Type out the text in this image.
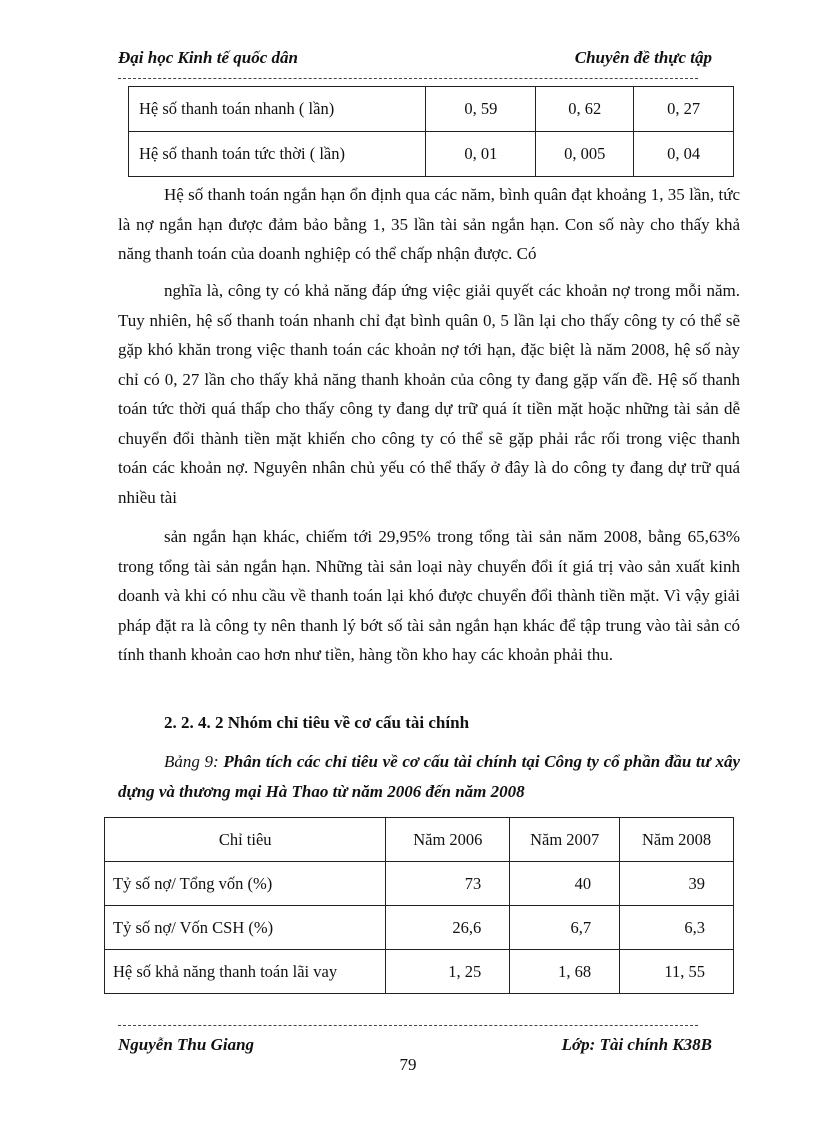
Đại học Kinh tế quốc dân	Chuyên đề thực tập
Hệ số thanh toán nhanh ( lần)	0, 59	0, 62	0, 27
Hệ số thanh toán tức thời ( lần)	0, 01	0, 005	0, 04

Hệ số thanh toán ngắn hạn ổn định qua các năm, bình quân đạt khoảng 1, 35 lần, tức là nợ ngắn hạn được đảm bảo bằng 1, 35 lần tài sản ngắn hạn. Con số này cho thấy khả năng thanh toán của doanh nghiệp có thể chấp nhận được. Có

nghĩa là, công ty có khả năng đáp ứng việc giải quyết các khoản nợ trong mỗi năm. Tuy nhiên, hệ số thanh toán nhanh chỉ đạt bình quân 0, 5 lần lại cho thấy công ty có thể sẽ gặp khó khăn trong việc thanh toán các khoản nợ tới hạn, đặc biệt là năm 2008, hệ số này chỉ có 0, 27 lần cho thấy khả năng thanh khoản của công ty đang gặp vấn đề. Hệ số thanh toán tức thời quá thấp cho thấy công ty đang dự trữ quá ít tiền mặt hoặc những tài sản dễ chuyển đổi thành tiền mặt khiến cho công ty có thể sẽ gặp phải rắc rối trong việc thanh toán các khoản nợ. Nguyên nhân chủ yếu có thể thấy ở đây là do công ty đang dự trữ quá nhiều tài

sản ngắn hạn khác, chiếm tới 29,95% trong tổng tài sản năm 2008, bằng 65,63% trong tổng tài sản ngắn hạn. Những tài sản loại này chuyển đổi ít giá trị vào sản xuất kinh doanh và khi có nhu cầu về thanh toán lại khó được chuyển đổi thành tiền mặt. Vì vậy giải pháp đặt ra là công ty nên thanh lý bớt số tài sản ngắn hạn khác để tập trung vào tài sản có tính thanh khoản cao hơn như tiền, hàng tồn kho hay các khoản phải thu.

2. 2. 4. 2 Nhóm chỉ tiêu về cơ cấu tài chính
Bảng 9: Phân tích các chỉ tiêu về cơ cấu tài chính tại Công ty cổ phần đầu tư xây dựng và thương mại Hà Thao từ năm 2006 đến năm 2008
Chỉ tiêu	Năm 2006	Năm 2007	Năm 2008
Tỷ số nợ/ Tổng vốn (%)	73	40	39
Tỷ số nợ/ Vốn CSH (%)	26,6	6,7	6,3
Hệ số khả năng thanh toán lãi vay	1, 25	1, 68	11, 55
Nguyễn Thu Giang	Lớp: Tài chính K38B
79
